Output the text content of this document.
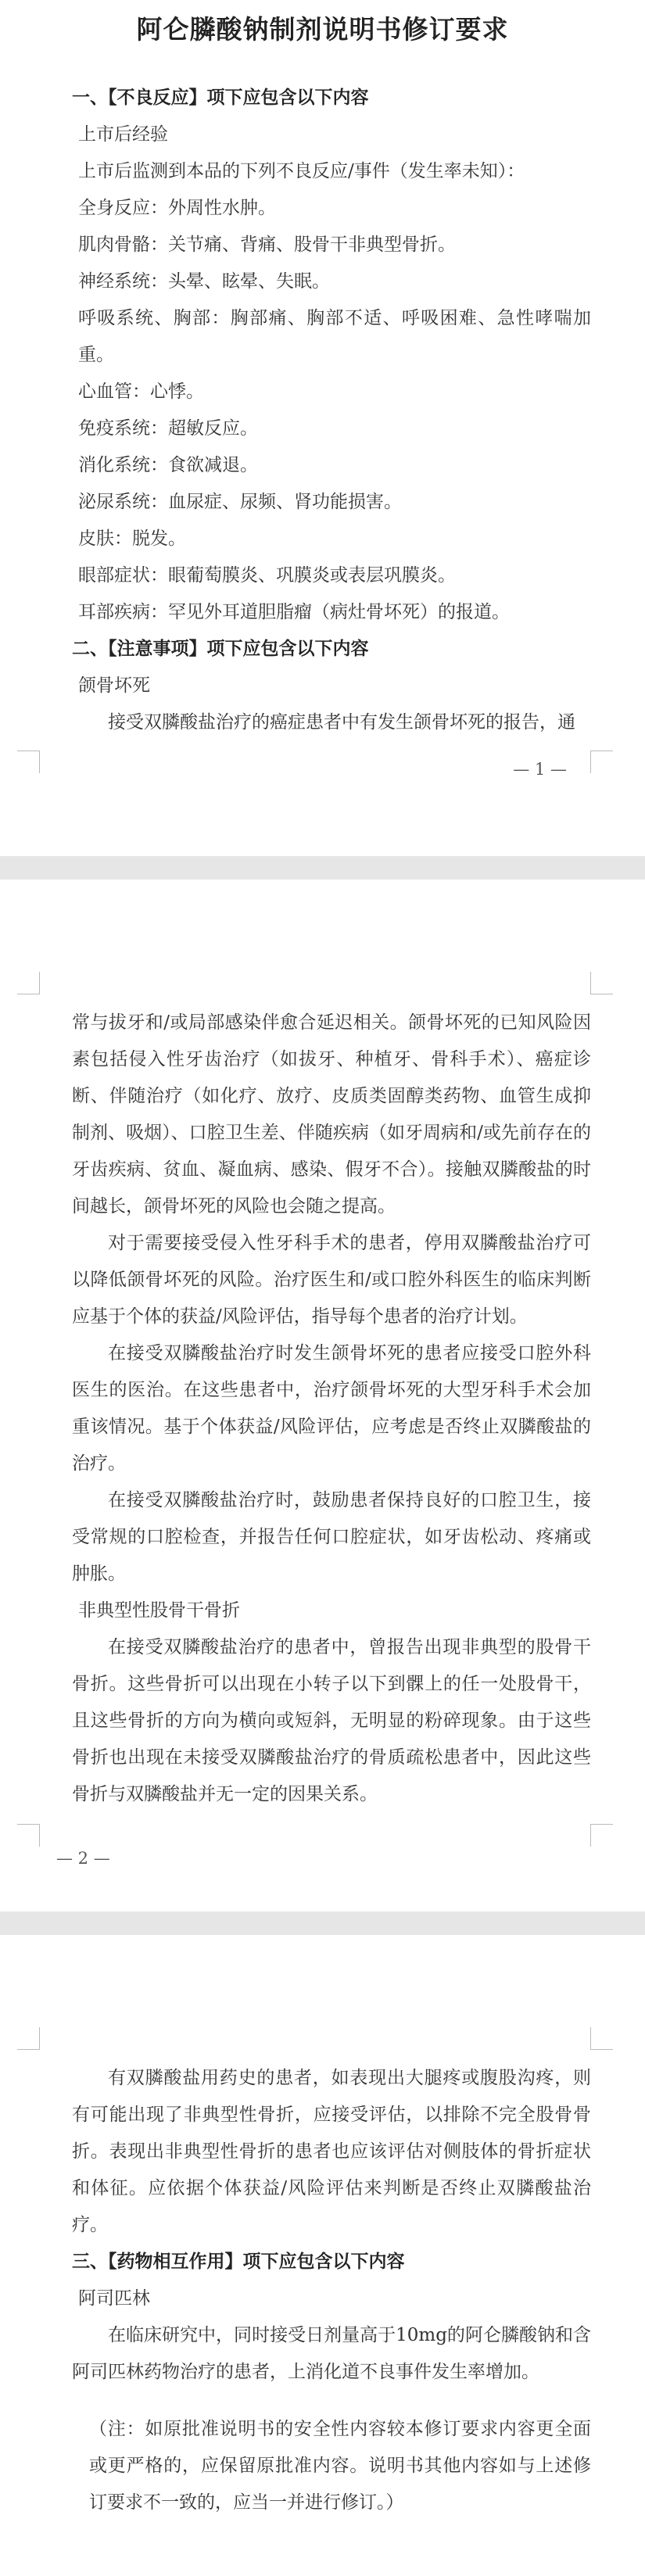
阿仑膦酸钠制剂说明书修订要求

一、【不良反应】项下应包含以下内容

上市后经验

上市后监测到本品的下列不良反应/事件（发生率未知）：

全身反应：外周性水肿。

肌肉骨骼：关节痛、背痛、股骨干非典型骨折。

神经系统：头晕、眩晕、失眠。

呼吸系统、胸部：胸部痛、胸部不适、呼吸困难、急性哮喘加重。

心血管：心悸。

免疫系统：超敏反应。

消化系统：食欲减退。

泌尿系统：血尿症、尿频、肾功能损害。

皮肤：脱发。

眼部症状：眼葡萄膜炎、巩膜炎或表层巩膜炎。

耳部疾病：罕见外耳道胆脂瘤（病灶骨坏死）的报道。

二、【注意事项】项下应包含以下内容

颌骨坏死

接受双膦酸盐治疗的癌症患者中有发生颌骨坏死的报告，通

— 1 —

常与拔牙和/或局部感染伴愈合延迟相关。颌骨坏死的已知风险因素包括侵入性牙齿治疗（如拔牙、种植牙、骨科手术）、癌症诊断、伴随治疗（如化疗、放疗、皮质类固醇类药物、血管生成抑制剂、吸烟）、口腔卫生差、伴随疾病（如牙周病和/或先前存在的牙齿疾病、贫血、凝血病、感染、假牙不合）。接触双膦酸盐的时间越长，颌骨坏死的风险也会随之提高。

对于需要接受侵入性牙科手术的患者，停用双膦酸盐治疗可以降低颌骨坏死的风险。治疗医生和/或口腔外科医生的临床判断应基于个体的获益/风险评估，指导每个患者的治疗计划。

在接受双膦酸盐治疗时发生颌骨坏死的患者应接受口腔外科医生的医治。在这些患者中，治疗颌骨坏死的大型牙科手术会加重该情况。基于个体获益/风险评估，应考虑是否终止双膦酸盐的治疗。

在接受双膦酸盐治疗时，鼓励患者保持良好的口腔卫生，接受常规的口腔检查，并报告任何口腔症状，如牙齿松动、疼痛或肿胀。

非典型性股骨干骨折

在接受双膦酸盐治疗的患者中，曾报告出现非典型的股骨干骨折。这些骨折可以出现在小转子以下到髁上的任一处股骨干，且这些骨折的方向为横向或短斜，无明显的粉碎现象。由于这些骨折也出现在未接受双膦酸盐治疗的骨质疏松患者中，因此这些骨折与双膦酸盐并无一定的因果关系。

— 2 —

有双膦酸盐用药史的患者，如表现出大腿疼或腹股沟疼，则有可能出现了非典型性骨折，应接受评估，以排除不完全股骨骨折。表现出非典型性骨折的患者也应该评估对侧肢体的骨折症状和体征。应依据个体获益/风险评估来判断是否终止双膦酸盐治疗。

三、【药物相互作用】项下应包含以下内容

阿司匹林

在临床研究中，同时接受日剂量高于10mg的阿仑膦酸钠和含阿司匹林药物治疗的患者，上消化道不良事件发生率增加。

（注：如原批准说明书的安全性内容较本修订要求内容更全面或更严格的，应保留原批准内容。说明书其他内容如与上述修订要求不一致的，应当一并进行修订。）
